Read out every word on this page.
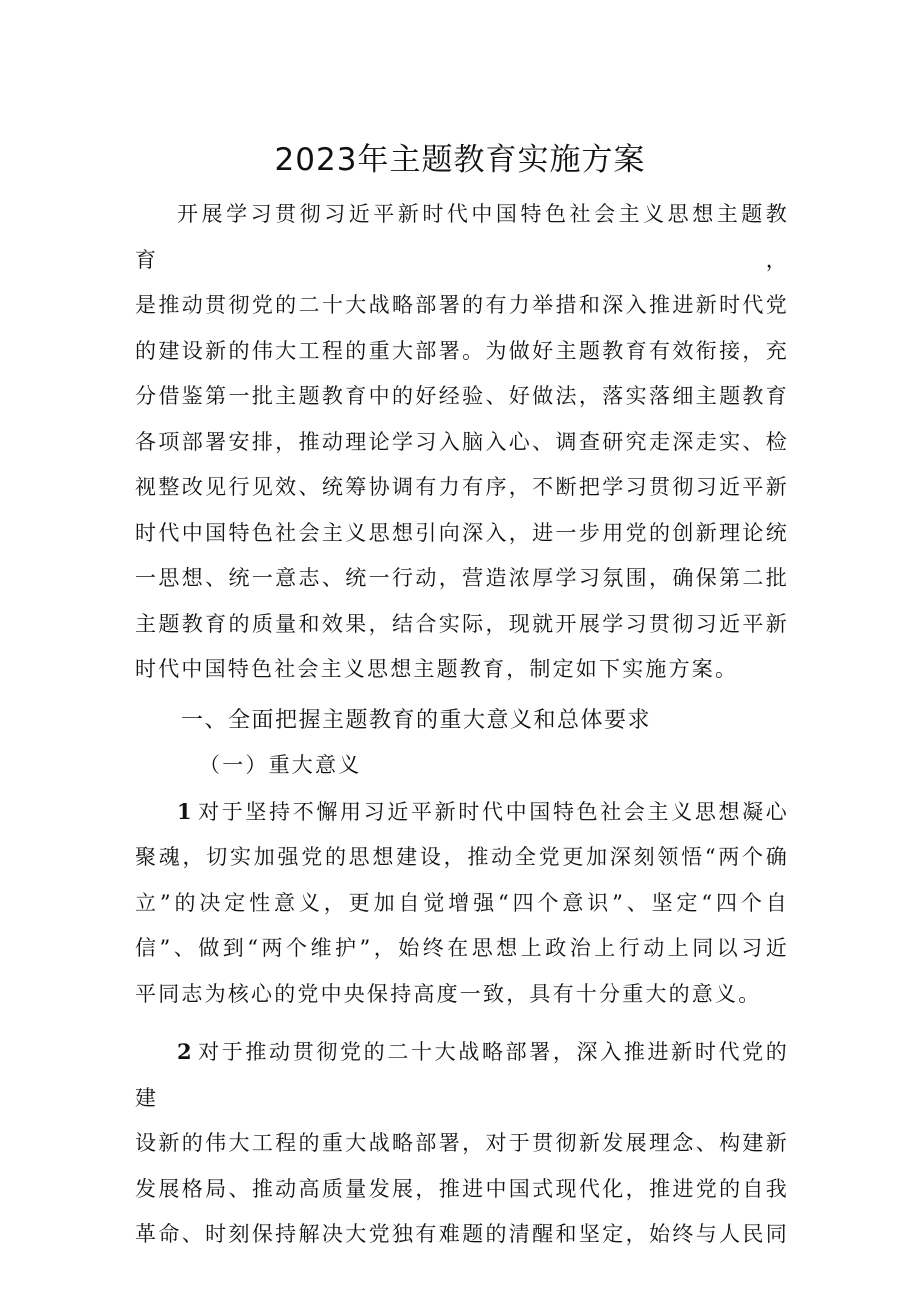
2023年主题教育实施方案

开展学习贯彻习近平新时代中国特色社会主义思想主题教育，

是推动贯彻党的二十大战略部署的有力举措和深入推进新时代党

的建设新的伟大工程的重大部署。为做好主题教育有效衔接，充

分借鉴第一批主题教育中的好经验、好做法，落实落细主题教育

各项部署安排，推动理论学习入脑入心、调查研究走深走实、检

视整改见行见效、统筹协调有力有序，不断把学习贯彻习近平新

时代中国特色社会主义思想引向深入，进一步用党的创新理论统

一思想、统一意志、统一行动，营造浓厚学习氛围，确保第二批

主题教育的质量和效果，结合实际，现就开展学习贯彻习近平新

时代中国特色社会主义思想主题教育，制定如下实施方案。

一、全面把握主题教育的重大意义和总体要求

（一）重大意义

1 对于坚持不懈用习近平新时代中国特色社会主义思想凝心

聚魂，切实加强党的思想建设，推动全党更加深刻领悟“两个确

立”的决定性意义，更加自觉增强“四个意识”、坚定“四个自

信”、做到“两个维护”，始终在思想上政治上行动上同以习近

平同志为核心的党中央保持高度一致，具有十分重大的意义。

2 对于推动贯彻党的二十大战略部署，深入推进新时代党的建

设新的伟大工程的重大战略部署，对于贯彻新发展理念、构建新

发展格局、推动高质量发展，推进中国式现代化，推进党的自我

革命、时刻保持解决大党独有难题的清醒和坚定，始终与人民同
